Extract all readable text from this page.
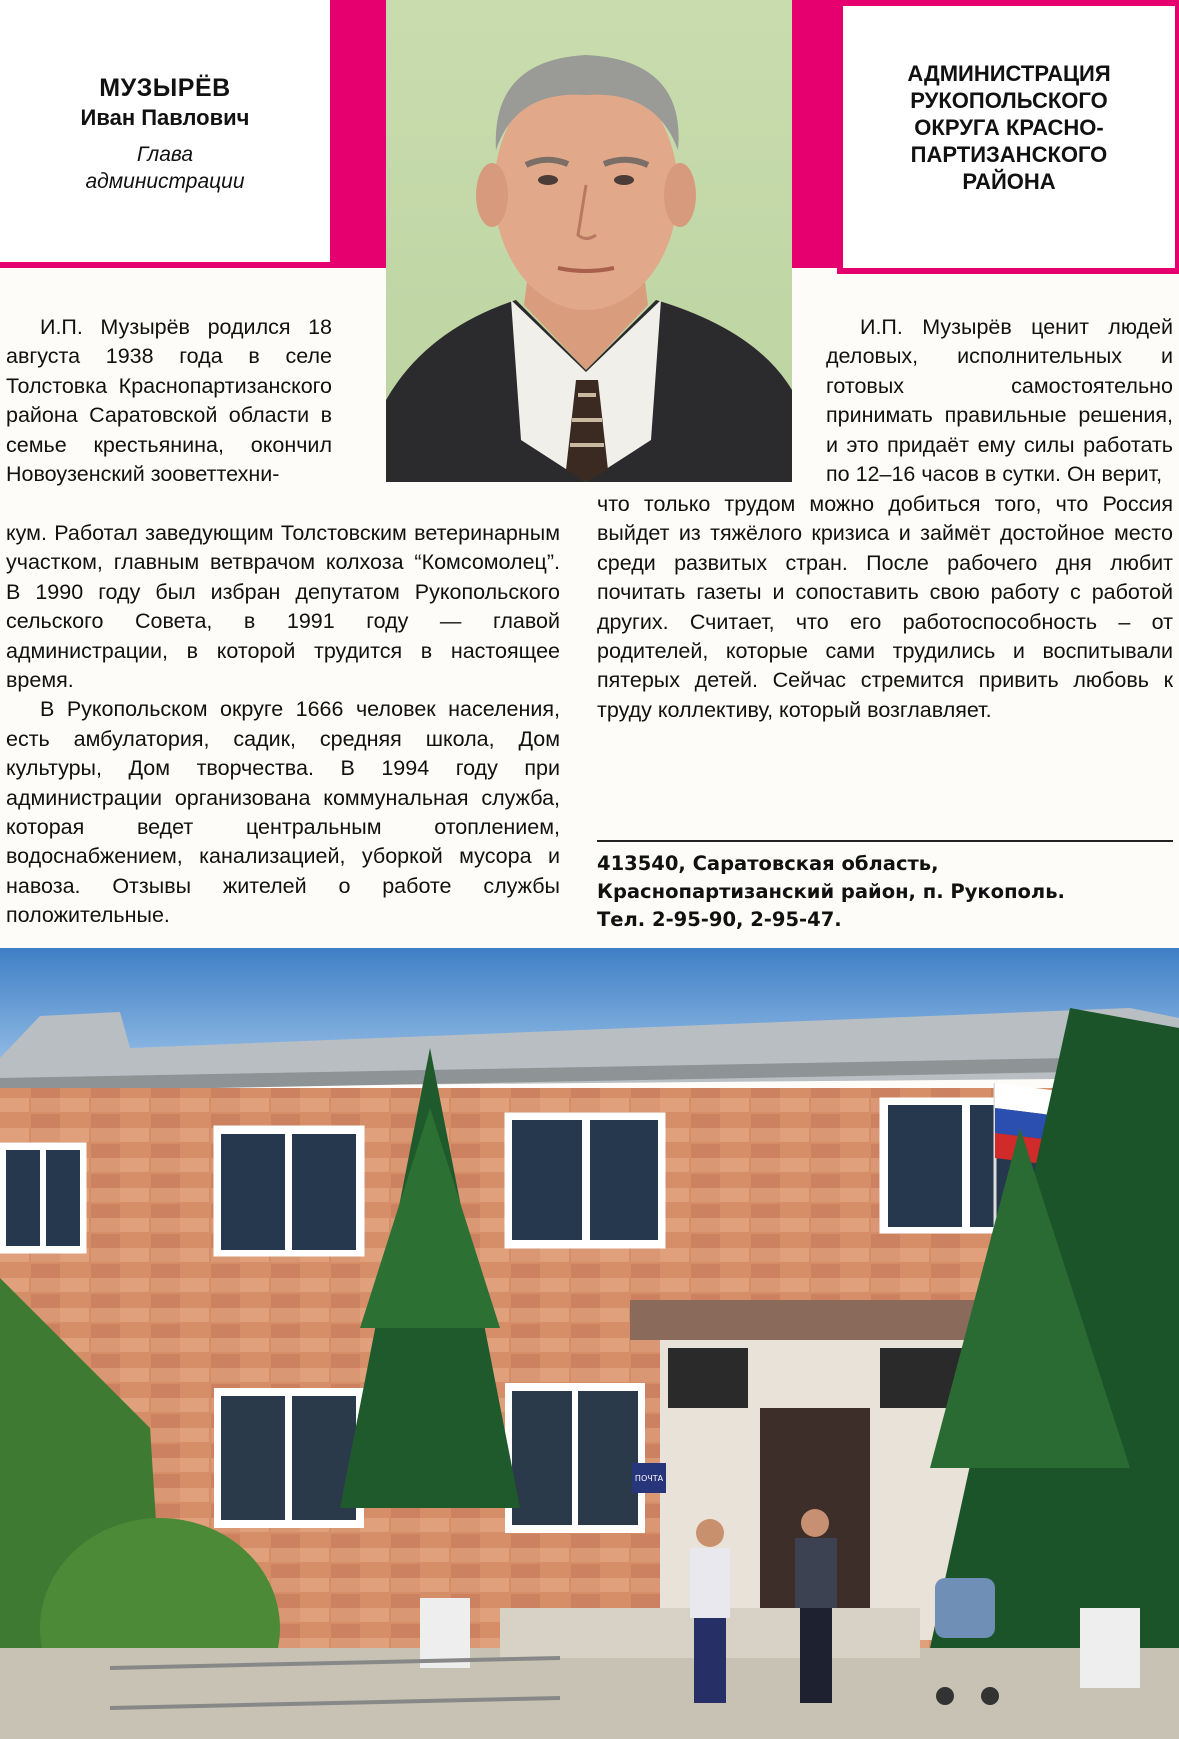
МУЗЫРЁВ
Иван Павлович
Глава
администрации
АДМИНИСТРАЦИЯ
РУКОПОЛЬСКОГО
ОКРУГА КРАСНО-
ПАРТИЗАНСКОГО
РАЙОНА

И.П. Музырёв родился 18 августа 1938 года в селе Толстовка Краснопартизанского района Саратовской области в семье крестьянина, окончил Новоузенский зооветтехни-

кум. Работал заведующим Толстовским ветеринарным участком, главным ветврачом колхоза “Комсомолец”. В 1990 году был избран депутатом Рукопольского сельского Совета, в 1991 году — главой администрации, в которой трудится в настоящее время.

В Рукопольском округе 1666 человек населения, есть амбулатория, садик, средняя школа, Дом культуры, Дом творчества. В 1994 году при администрации организована коммунальная служба, которая ведет центральным отоплением, водоснабжением, канализацией, уборкой мусора и навоза. Отзывы жителей о работе службы положительные.

И.П. Музырёв ценит людей деловых, исполнительных и готовых самостоятельно принимать правильные решения, и это придаёт ему силы работать по 12–16 часов в сутки. Он верит,

что только трудом можно добиться того, что Россия выйдет из тяжёлого кризиса и займёт достойное место среди развитых стран. После рабочего дня любит почитать газеты и сопоставить свою работу с работой других. Считает, что его работоспособность – от родителей, которые сами трудились и воспитывали пятерых детей. Сейчас стремится привить любовь к труду коллективу, который возглавляет.

413540, Саратовская область,
Краснопартизанский район, п. Рукополь.
Тел. 2-95-90, 2-95-47.
ПОЧТА
